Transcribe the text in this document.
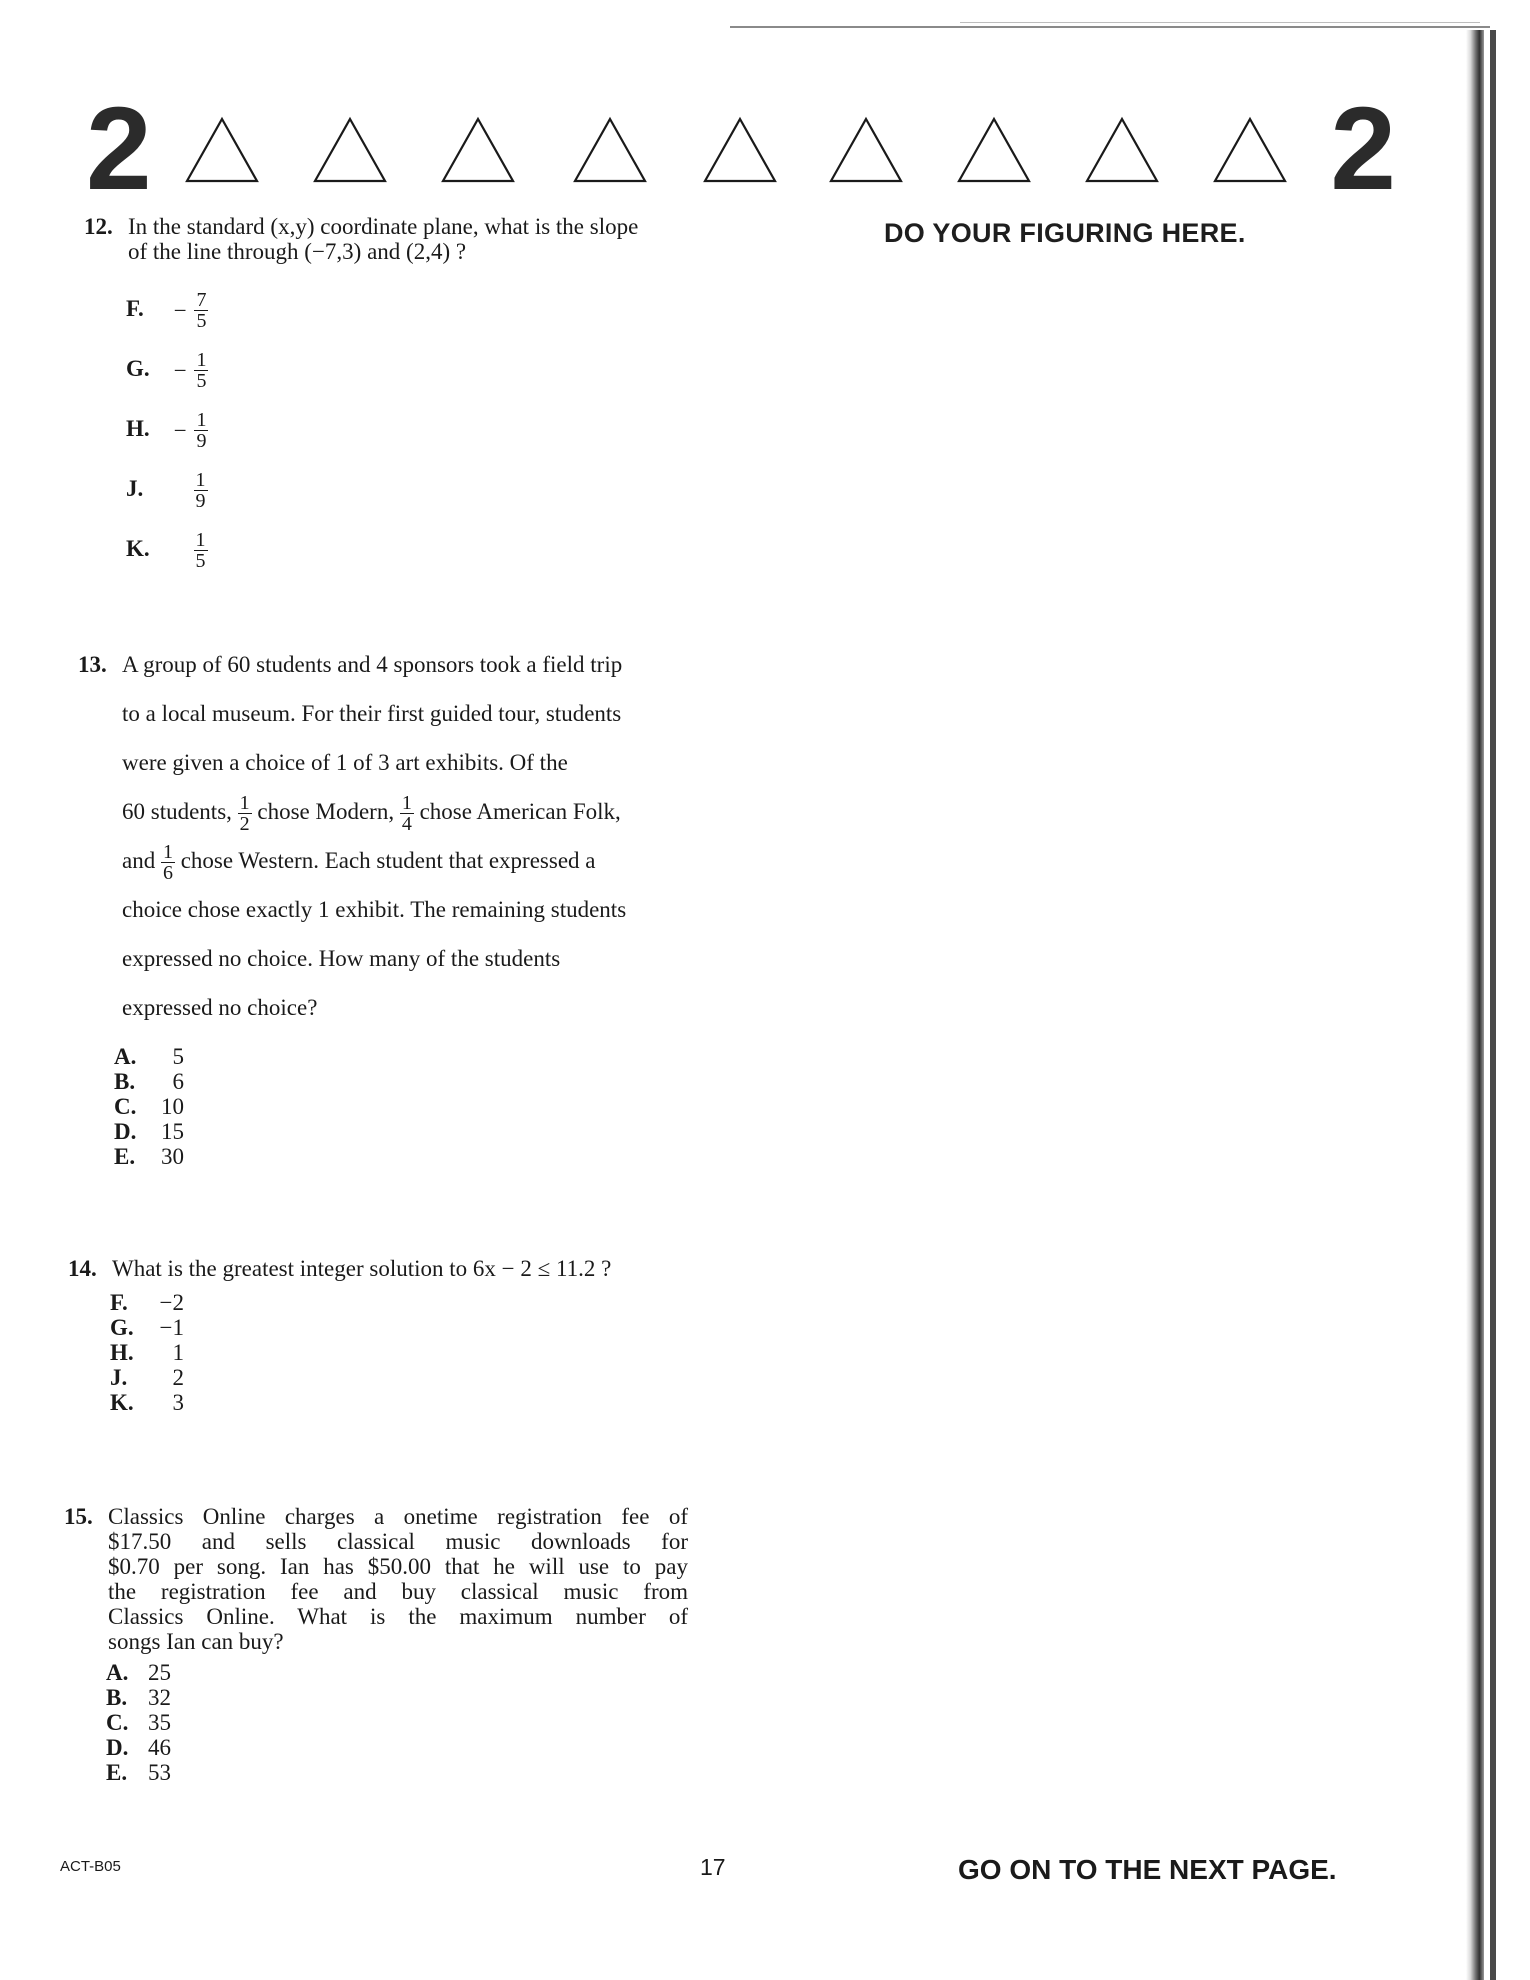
2	2
DO YOUR FIGURING HERE.
12. In the standard (x,y) coordinate plane, what is the slope
of the line through (−7,3) and (2,4) ?
F. − $\frac{7}{5}$
G. − $\frac{1}{5}$
H. − $\frac{1}{9}$
J.	$\frac{1}{9}$
K. $\frac{1}{5}$
13. A group of 60 students and 4 sponsors took a field trip
to a local museum. For their first guided tour, students
were given a choice of 1 of 3 art exhibits. Of the
60 students, $\frac{1}{2}$ chose Modern, $\frac{1}{4}$ chose American Folk,
and $\frac{1}{6}$ chose Western. Each student that expressed a
choice chose exactly 1 exhibit. The remaining students
expressed no choice. How many of the students
expressed no choice?
A. 5
B. 6
C. 10
D. 15
E. 30
14. What is the greatest integer solution to 6x − 2 ≤ 11.2 ?
F. −2
G. −1
H. 1
J. 2
K. 3
15. Classics Online charges a onetime registration fee of
$17.50 and sells classical music downloads for
$0.70 per song. Ian has $50.00 that he will use to pay
the registration fee and buy classical music from
Classics Online. What is the maximum number of
songs Ian can buy?
A. 25
B. 32
C. 35
D. 46
E. 53
ACT-B05	17	GO ON TO THE NEXT PAGE.
